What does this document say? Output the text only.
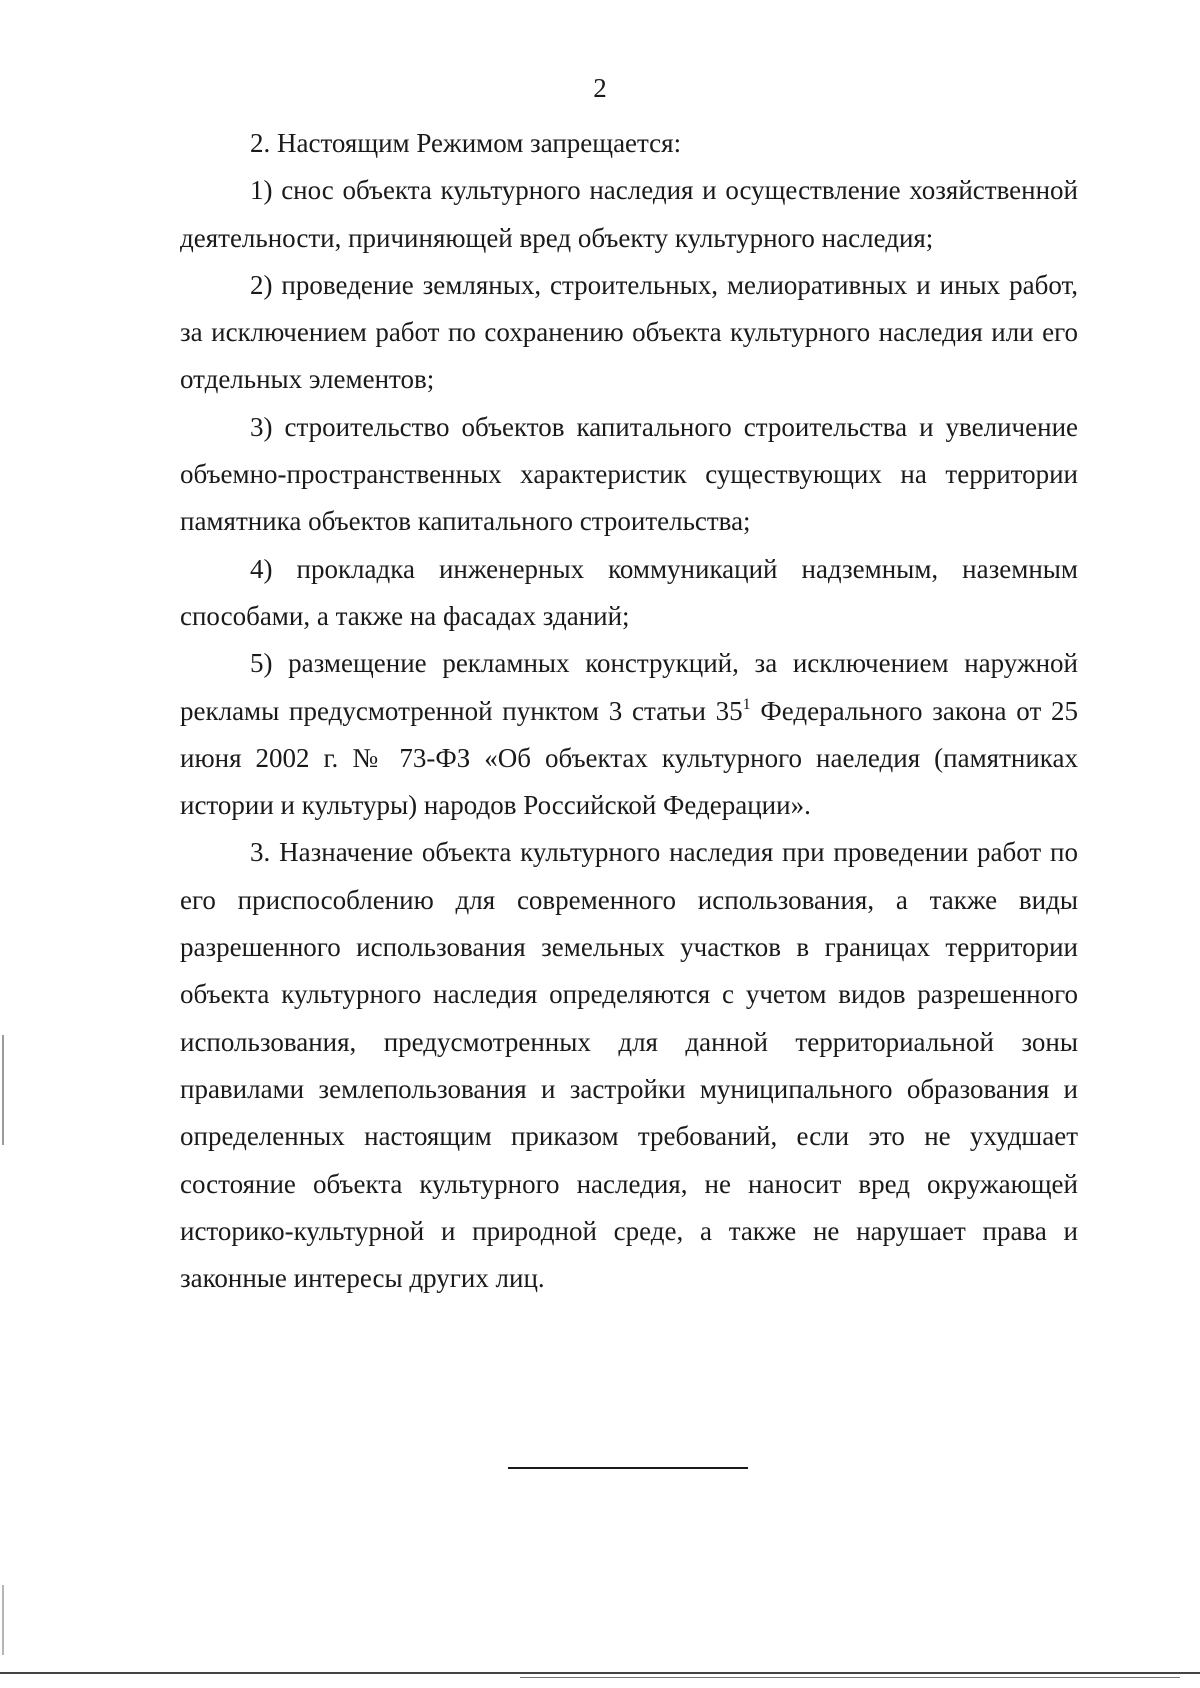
2

2. Настоящим Режимом запрещается:

1) снос объекта культурного наследия и осуществление хозяйственной деятельности, причиняющей вред объекту культурного наследия;

2) проведение земляных, строительных, мелиоративных и иных работ, за исключением работ по сохранению объекта культурного наследия или его отдельных элементов;

3) строительство объектов капитального строительства и увеличение объемно-пространственных характеристик существующих на территории памятника объектов капитального строительства;

4) прокладка инженерных коммуникаций надземным, наземным способами, а также на фасадах зданий;

5) размещение рекламных конструкций, за исключением наружной рекламы предусмотренной пунктом 3 статьи $35^1$ Федерального закона от 25 июня 2002 г. № 73-ФЗ «Об объектах культурного наеледия (памятниках истории и культуры) народов Российской Федерации».

3. Назначение объекта культурного наследия при проведении работ по его приспособлению для современного использования, а также виды разрешенного использования земельных участков в границах территории объекта культурного наследия определяются с учетом видов разрешенного использования, предусмотренных для данной территориальной зоны правилами землепользования и застройки муниципального образования и определенных настоящим приказом требований, если это не ухудшает состояние объекта культурного наследия, не наносит вред окружающей историко-культурной и природной среде, а также не нарушает права и законные интересы других лиц.
